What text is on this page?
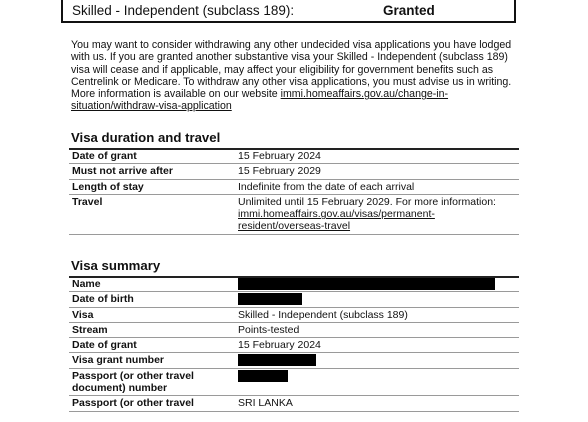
Skilled - Independent (subclass 189):	Granted
You may want to consider withdrawing any other undecided visa applications you have lodged with us. If you are granted another substantive visa your Skilled - Independent (subclass 189) visa will cease and if applicable, may affect your eligibility for government benefits such as Centrelink or Medicare. To withdraw any other visa applications, you must advise us in writing. More information is available on our website immi.homeaffairs.gov.au/change-in-situation/withdraw-visa-application
Visa duration and travel
Date of grant	15 February 2024
Must not arrive after	15 February 2029
Length of stay	Indefinite from the date of each arrival
Travel	Unlimited until 15 February 2029. For more information: immi.homeaffairs.gov.au/visas/permanent-resident/overseas-travel
Visa summary
Name	
Date of birth	
Visa	Skilled - Independent (subclass 189)
Stream	Points-tested
Date of grant	15 February 2024
Visa grant number	
Passport (or other travel document) number	
Passport (or other travel	SRI LANKA
